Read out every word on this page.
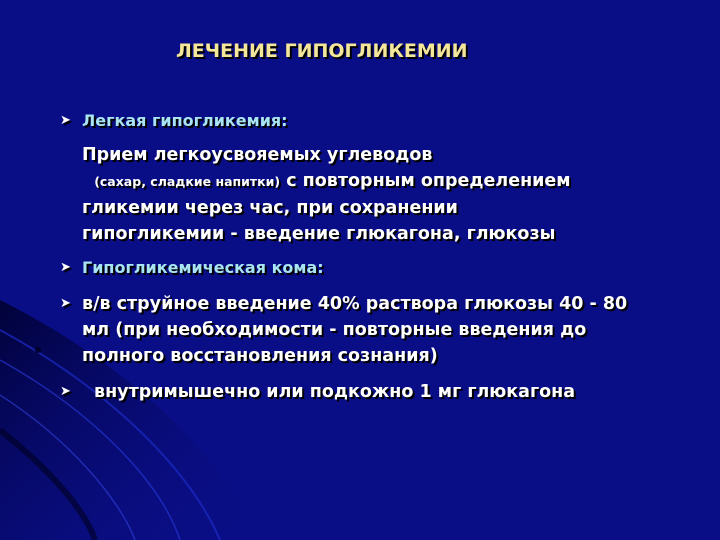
ЛЕЧЕНИЕ ГИПОГЛИКЕМИИ
➤ Легкая гипогликемия:
Прием легкоусвояемых углеводов
(сахар, сладкие напитки) с повторным определением
гликемии через час, при сохранении
гипогликемии - введение глюкагона, глюкозы
➤ Гипогликемическая кома:
➤ в/в струйное введение 40% раствора глюкозы 40 - 80 мл (при необходимости - повторные введения до полного восстановления сознания)
➤ внутримышечно или подкожно 1 мг глюкагона
